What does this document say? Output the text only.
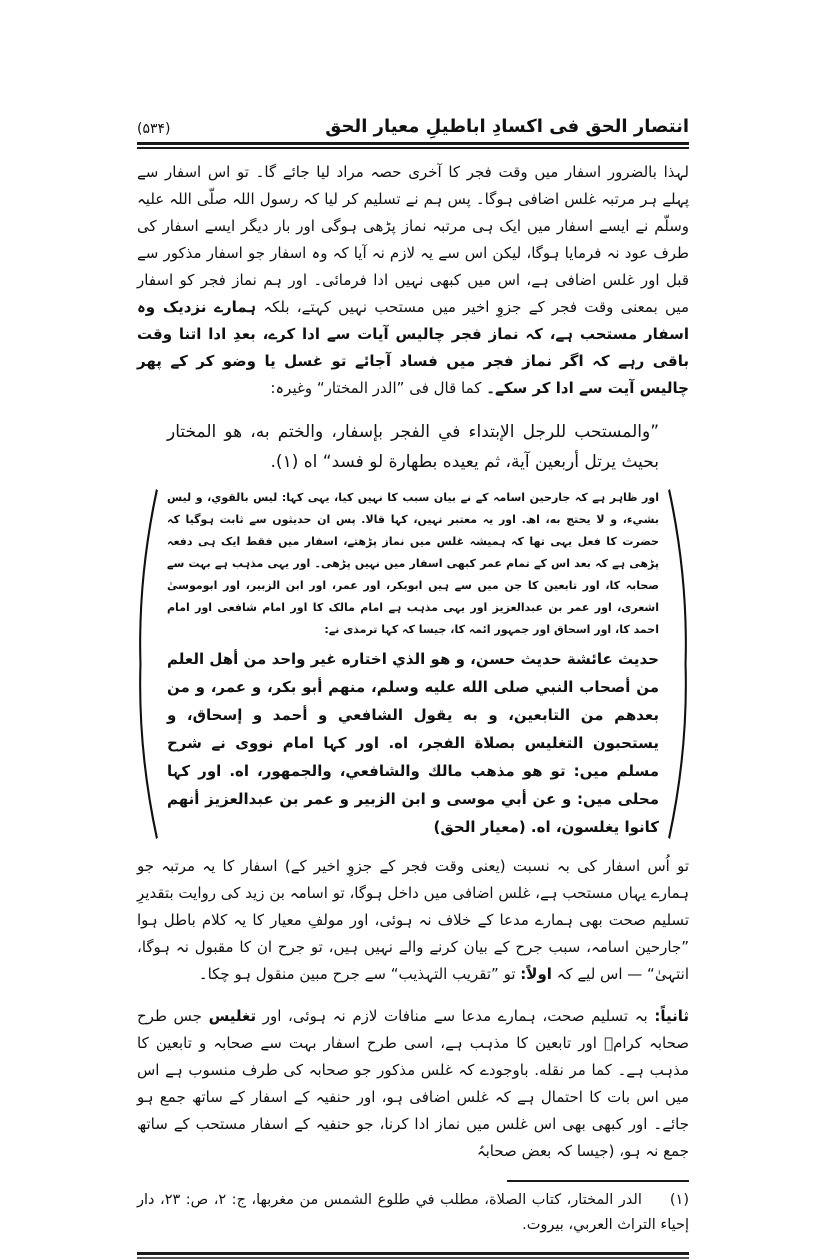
انتصار الحق فی اکسادِ اباطیلِ معیار الحق
(۵۳۴)

لہذا بالضرور اسفار میں وقت فجر کا آخری حصہ مراد لیا جائے گا۔ تو اس اسفار سے پہلے ہر مرتبہ غلس اضافی ہوگا۔ پس ہم نے تسلیم کر لیا کہ رسول اللہ صلّی اللہ علیہ وسلّم نے ایسے اسفار میں ایک ہی مرتبہ نماز پڑھی ہوگی اور بار دیگر ایسے اسفار کی طرف عود نہ فرمایا ہوگا، لیکن اس سے یہ لازم نہ آیا کہ وہ اسفار جو اسفار مذکور سے قبل اور غلس اضافی ہے، اس میں کبھی نہیں ادا فرمائی۔ اور ہم نماز فجر کو اسفار میں بمعنی وقت فجر کے جزوِ اخیر میں مستحب نہیں کہتے، بلکہ ہمارے نزدیک وہ اسفار مستحب ہے، کہ نماز فجر چالیس آیات سے ادا کرے، بعدِ ادا اتنا وقت باقی رہے کہ اگر نماز فجر میں فساد آجائے تو غسل یا وضو کر کے پھر چالیس آیت سے ادا کر سکے۔ کما قال فی ”الدر المختار“ وغیرہ:

”والمستحب للرجل الإبتداء في الفجر بإسفار، والختم به، هو المختار بحيث يرتل أربعين آية، ثم يعيده بطهارة لو فسد“ اه (١).

اور ظاہر ہے کہ جارحین اسامہ کے نے بیان سبب کا نہیں کیا، یہی کہا: لیس بالقوي، و لیس بشيء، و لا یحتج به، اھ. اور یہ معتبر نہیں، کہا قالا. پس ان حدیثوں سے ثابت ہوگیا کہ حضرت کا فعل یہی تھا کہ ہمیشہ غلس میں نماز پڑھتے، اسفار میں فقط ایک ہی دفعہ پڑھی ہے کہ بعد اس کے تمام عمر کبھی اسفار میں نہیں پڑھی۔ اور یہی مذہب ہے بہت سے صحابہ کا، اور تابعین کا جن میں سے ہیں ابوبکر، اور عمر، اور ابن الزبیر، اور ابوموسیٰ اشعری، اور عمر بن عبدالعزیز اور یہی مذہب ہے امام مالک کا اور امام شافعی اور امام احمد کا، اور اسحاق اور جمہور ائمہ کا، جیسا کہ کہا ترمذی نے:
حديث عائشة حديث حسن، و هو الذي اختاره غير واحد من أهل العلم من أصحاب النبي صلى الله عليه وسلم، منهم أبو بكر، و عمر، و من بعدهم من التابعين، و به يقول الشافعي و أحمد و إسحاق، و يستحبون التغليس بصلاة الفجر، اه. اور کہا امام نووی نے شرح مسلم میں: تو هو مذهب مالك والشافعي، والجمهور، اه. اور کہا محلی میں: و عن أبي موسى و ابن الزبير و عمر بن عبدالعزيز أنهم كانوا يغلسون، اه. (معيار الحق)

تو اُس اسفار کی بہ نسبت (یعنی وقت فجر کے جزوِ اخیر کے) اسفار کا یہ مرتبہ جو ہمارے یہاں مستحب ہے، غلس اضافی میں داخل ہوگا، تو اسامہ بن زید کی روایت بتقدیرِ تسلیم صحت بھی ہمارے مدعا کے خلاف نہ ہوئی، اور مولفِ معیار کا یہ کلام باطل ہوا ”جارحین اسامہ، سبب جرح کے بیان کرنے والے نہیں ہیں، تو جرح ان کا مقبول نہ ہوگا، انتہیٰ“ — اس لیے کہ اولاً: تو ”تقریب التہذیب“ سے جرح مبین منقول ہو چکا۔

ثانیاً: بہ تسلیم صحت، ہمارے مدعا سے منافات لازم نہ ہوئی، اور تغلیس جس طرح صحابہ کرامؓ اور تابعین کا مذہب ہے، اسی طرح اسفار بہت سے صحابہ و تابعین کا مذہب ہے۔ کما مر نقله. باوجودے کہ غلس مذکور جو صحابہ کی طرف منسوب ہے اس میں اس بات کا احتمال ہے کہ غلس اضافی ہو، اور حنفیہ کے اسفار کے ساتھ جمع ہو جائے۔ اور کبھی بھی اس غلس میں نماز ادا کرنا، جو حنفیہ کے اسفار مستحب کے ساتھ جمع نہ ہو، (جیسا کہ بعض صحابہُ

(١)الدر المختار، كتاب الصلاة، مطلب في طلوع الشمس من مغربها، ج: ٢، ص: ٢٣، دار إحياء التراث العربي، بيروت.
